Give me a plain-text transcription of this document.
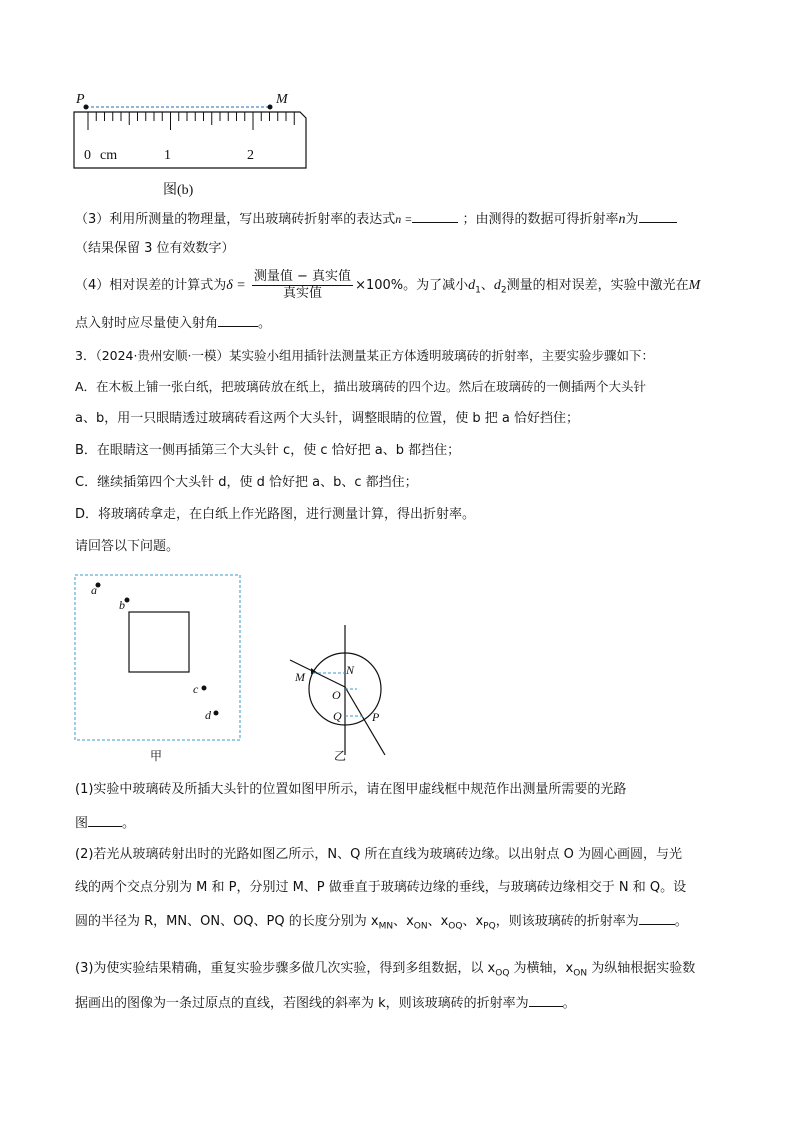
P	M
0 cm	1	2
图(b)
（3）利用所测量的物理量，写出玻璃砖折射率的表达式n =	；由测得的数据可得折射率n为
（结果保留 3 位有效数字）
（4）相对误差的计算式为$\delta = \frac{\text{测量值 − 真实值}}{\text{真实值}} \times 100\%$。为了减小$d_1$、$d_2$测量的相对误差，实验中激光在M
点入射时应尽量使入射角	。
3．（2024·贵州安顺·一模）某实验小组用插针法测量某正方体透明玻璃砖的折射率，主要实验步骤如下：
A．在木板上铺一张白纸，把玻璃砖放在纸上，描出玻璃砖的四个边。然后在玻璃砖的一侧插两个大头针
a、b，用一只眼睛透过玻璃砖看这两个大头针，调整眼睛的位置，使 b 把 a 恰好挡住；
B．在眼睛这一侧再插第三个大头针 c，使 c 恰好把 a、b 都挡住；
C．继续插第四个大头针 d，使 d 恰好把 a、b、c 都挡住；
D．将玻璃砖拿走，在白纸上作光路图，进行测量计算，得出折射率。
请回答以下问题。
a
b
c
d
甲
M	N
O
Q	P
乙
(1)实验中玻璃砖及所插大头针的位置如图甲所示，请在图甲虚线框中规范作出测量所需要的光路
图	。
(2)若光从玻璃砖射出时的光路如图乙所示，N、Q 所在直线为玻璃砖边缘。以出射点 O 为圆心画圆，与光
线的两个交点分别为 M 和 P，分别过 M、P 做垂直于玻璃砖边缘的垂线，与玻璃砖边缘相交于 N 和 Q。设
圆的半径为 R，MN、ON、OQ、PQ 的长度分别为 $x_{MN}$、$x_{ON}$、$x_{OQ}$、$x_{PQ}$，则该玻璃砖的折射率为	。
(3)为使实验结果精确，重复实验步骤多做几次实验，得到多组数据，以 $x_{OQ}$ 为横轴，$x_{ON}$ 为纵轴根据实验数
据画出的图像为一条过原点的直线，若图线的斜率为 k，则该玻璃砖的折射率为	。
